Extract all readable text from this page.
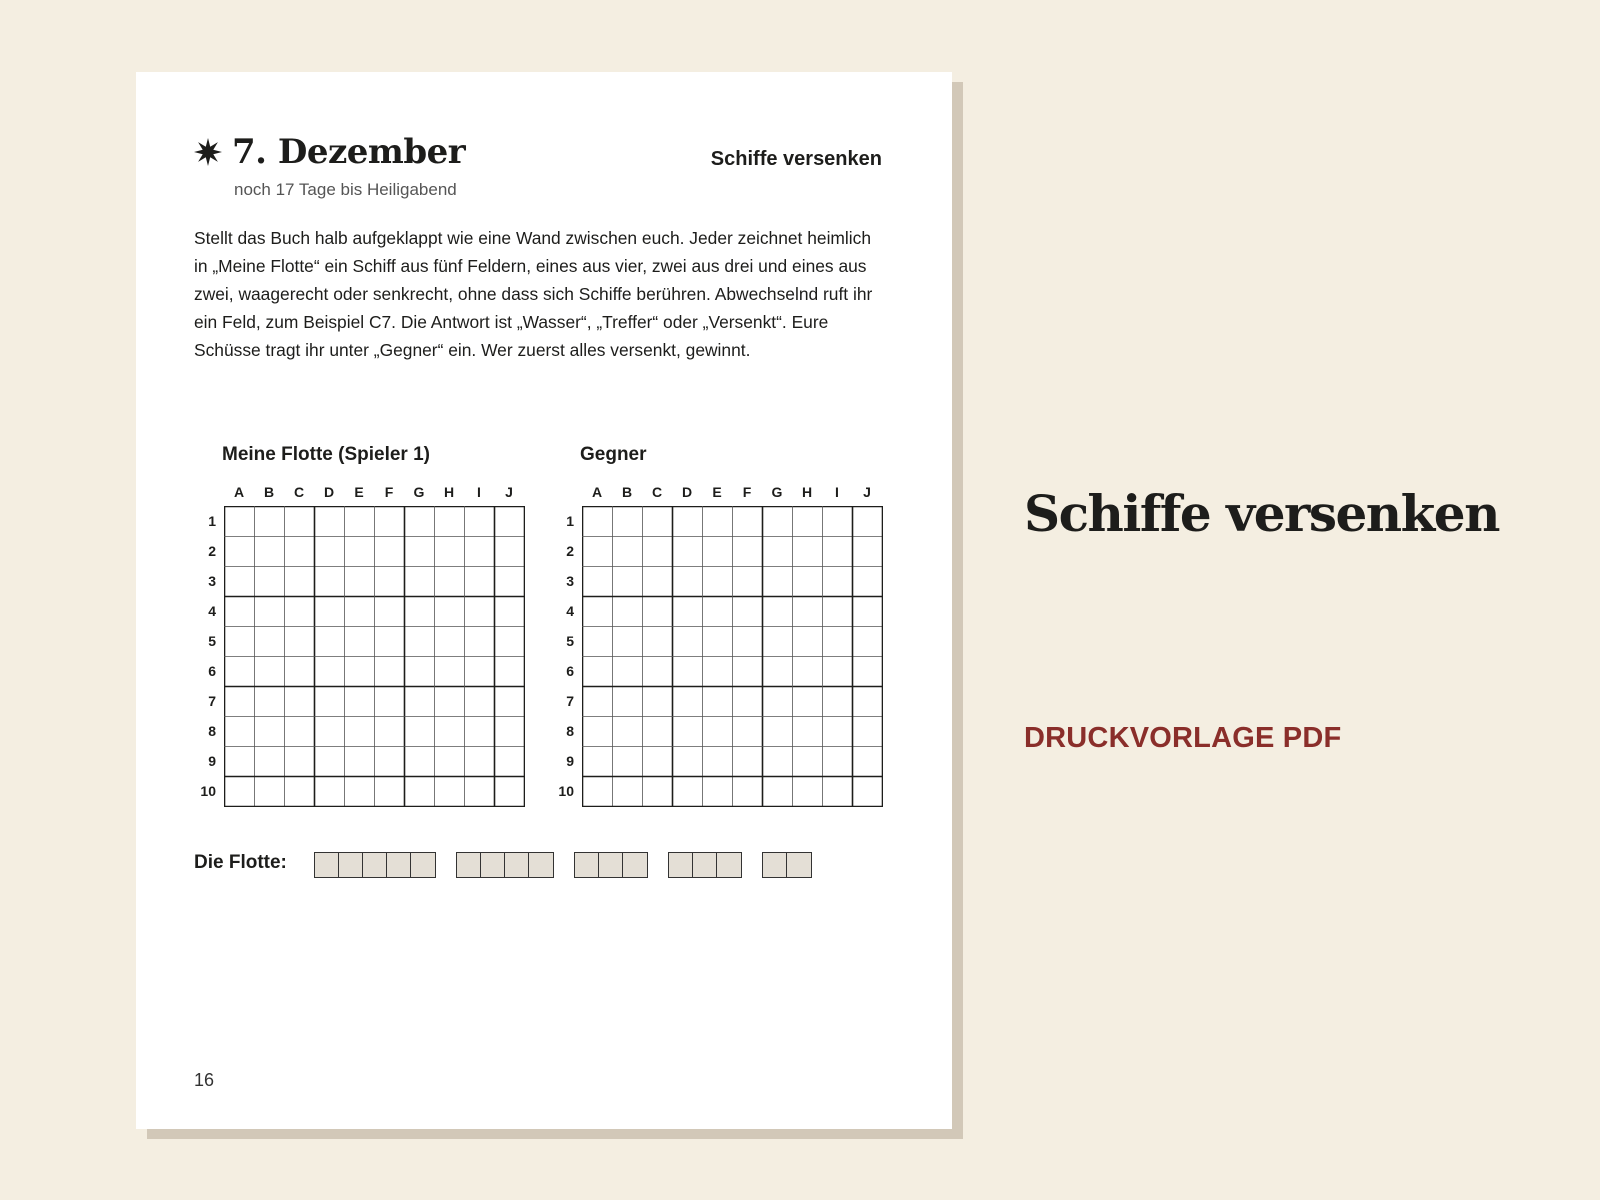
7. Dezember
noch 17 Tage bis Heiligabend
Schiffe versenken

Stellt das Buch halb aufgeklappt wie eine Wand zwischen euch. Jeder zeichnet heimlich in „Meine Flotte“ ein Schiff aus fünf Feldern, eines aus vier, zwei aus drei und eines aus zwei, waagerecht oder senkrecht, ohne dass sich Schiffe berühren. Abwechselnd ruft ihr ein Feld, zum Beispiel C7. Die Antwort ist „Wasser“, „Treffer“ oder „Versenkt“. Eure Schüsse tragt ihr unter „Gegner“ ein. Wer zuerst alles versenkt, gewinnt.

Meine Flotte (Spieler 1)	Gegner
A	B	C	D	E	F	G	H	I	J
1
2
3
4
5
6
7
8
9
10
A	B	C	D	E	F	G	H	I	J
1
2
3
4
5
6
7
8
9
10
Die Flotte:
16
Schiffe versenken
DRUCKVORLAGE PDF
